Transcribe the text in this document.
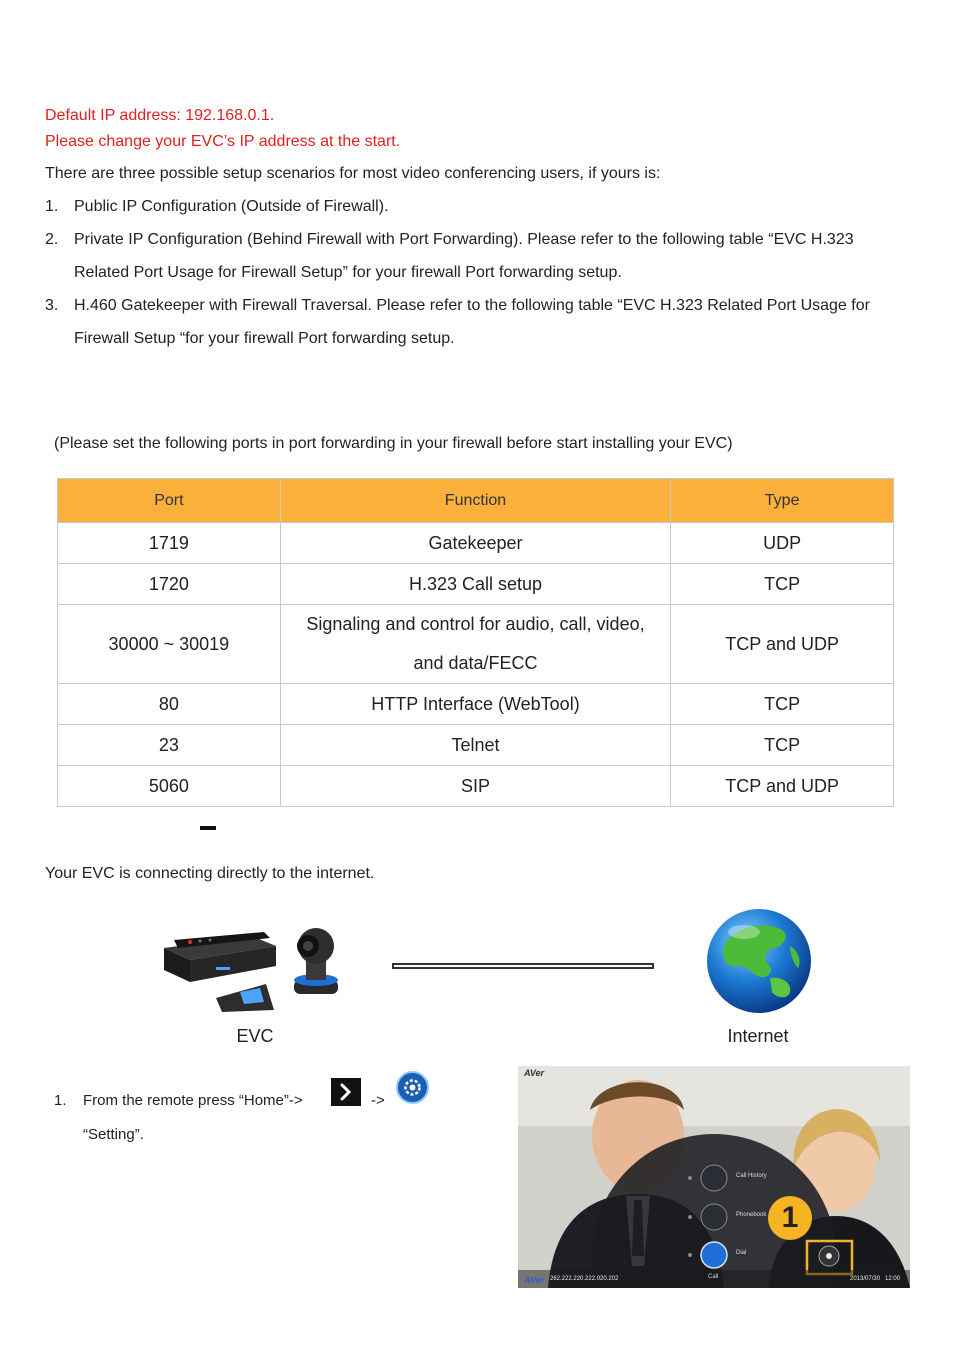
Default IP address: 192.168.0.1.
Please change your EVC’s IP address at the start.
There are three possible setup scenarios for most video conferencing users, if yours is:
1. Public IP Configuration (Outside of Firewall).
2. Private IP Configuration (Behind Firewall with Port Forwarding). Please refer to the following table “EVC H.323 Related Port Usage for Firewall Setup” for your firewall Port forwarding setup.
3. H.460 Gatekeeper with Firewall Traversal. Please refer to the following table “EVC H.323 Related Port Usage for Firewall Setup “for your firewall Port forwarding setup.
(Please set the following ports in port forwarding in your firewall before start installing your EVC)
Port	Function	Type
1719	Gatekeeper	UDP
1720	H.323 Call setup	TCP
30000 ~ 30019	Signaling and control for audio, call, video, and data/FECC	TCP and UDP
80	HTTP Interface (WebTool)	TCP
23	Telnet	TCP
5060	SIP	TCP and UDP
Your EVC is connecting directly to the internet.
EVC	Internet
1. From the remote press “Home”->	->
“Setting”.
AVer
Call History
Phonebook
Dial
Call
AVer 262.222.220.222.020.202	2013/07/30   12:00
1
